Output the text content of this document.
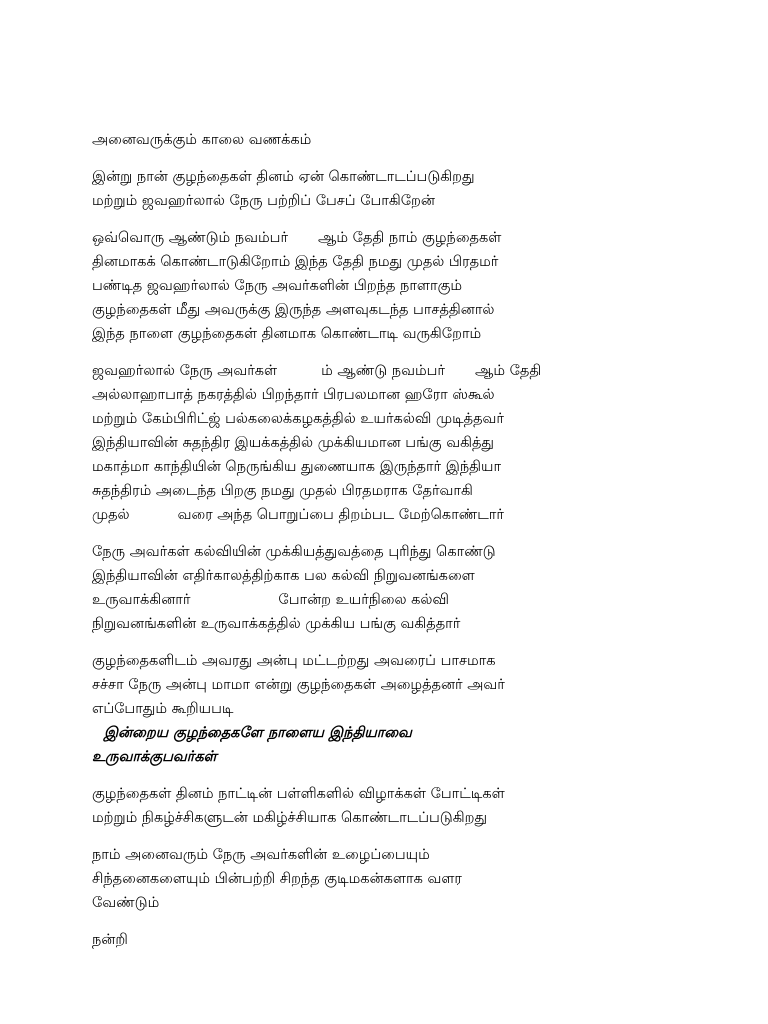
அனைவருக்கும் காலை வணக்கம்
இன்று நான் குழந்தைகள் தினம் ஏன் கொண்டாடப்படுகிறது
மற்றும் ஜவஹர்லால் நேரு பற்றிப் பேசப் போகிறேன்
ஒவ்வொரு ஆண்டும் நவம்பர் ஆம் தேதி நாம் குழந்தைகள்
தினமாகக் கொண்டாடுகிறோம் இந்த தேதி நமது முதல் பிரதமர்
பண்டித ஜவஹர்லால் நேரு அவர்களின் பிறந்த நாளாகும்
குழந்தைகள் மீது அவருக்கு இருந்த அளவுகடந்த பாசத்தினால்
இந்த நாளை குழந்தைகள் தினமாக கொண்டாடி வருகிறோம்
ஜவஹர்லால் நேரு அவர்கள்	ம் ஆண்டு நவம்பர் ஆம் தேதி
அல்லாஹாபாத் நகரத்தில் பிறந்தார் பிரபலமான ஹரோ ஸ்கூல்
மற்றும் கேம்பிரிட்ஜ் பல்கலைக்கழகத்தில் உயர்கல்வி முடித்தவர்
இந்தியாவின் சுதந்திர இயக்கத்தில் முக்கியமான பங்கு வகித்து
மகாத்மா காந்தியின் நெருங்கிய துணையாக இருந்தார் இந்தியா
சுதந்திரம் அடைந்த பிறகு நமது முதல் பிரதமராக தேர்வாகி
முதல்	வரை அந்த பொறுப்பை திறம்பட மேற்கொண்டார்
நேரு அவர்கள் கல்வியின் முக்கியத்துவத்தை புரிந்து கொண்டு
இந்தியாவின் எதிர்காலத்திற்காக பல கல்வி நிறுவனங்களை
உருவாக்கினார்	போன்ற உயர்நிலை கல்வி
நிறுவனங்களின் உருவாக்கத்தில் முக்கிய பங்கு வகித்தார்
குழந்தைகளிடம் அவரது அன்பு மட்டற்றது அவரைப் பாசமாக
சச்சா நேரு அன்பு மாமா என்று குழந்தைகள் அழைத்தனர் அவர்
எப்போதும் கூறியபடி
இன்றைய குழந்தைகளே நாளைய இந்தியாவை
உருவாக்குபவர்கள்
குழந்தைகள் தினம் நாட்டின் பள்ளிகளில் விழாக்கள் போட்டிகள்
மற்றும் நிகழ்ச்சிகளுடன் மகிழ்ச்சியாக கொண்டாடப்படுகிறது
நாம் அனைவரும் நேரு அவர்களின் உழைப்பையும்
சிந்தனைகளையும் பின்பற்றி சிறந்த குடிமகன்களாக வளர
வேண்டும்
நன்றி
